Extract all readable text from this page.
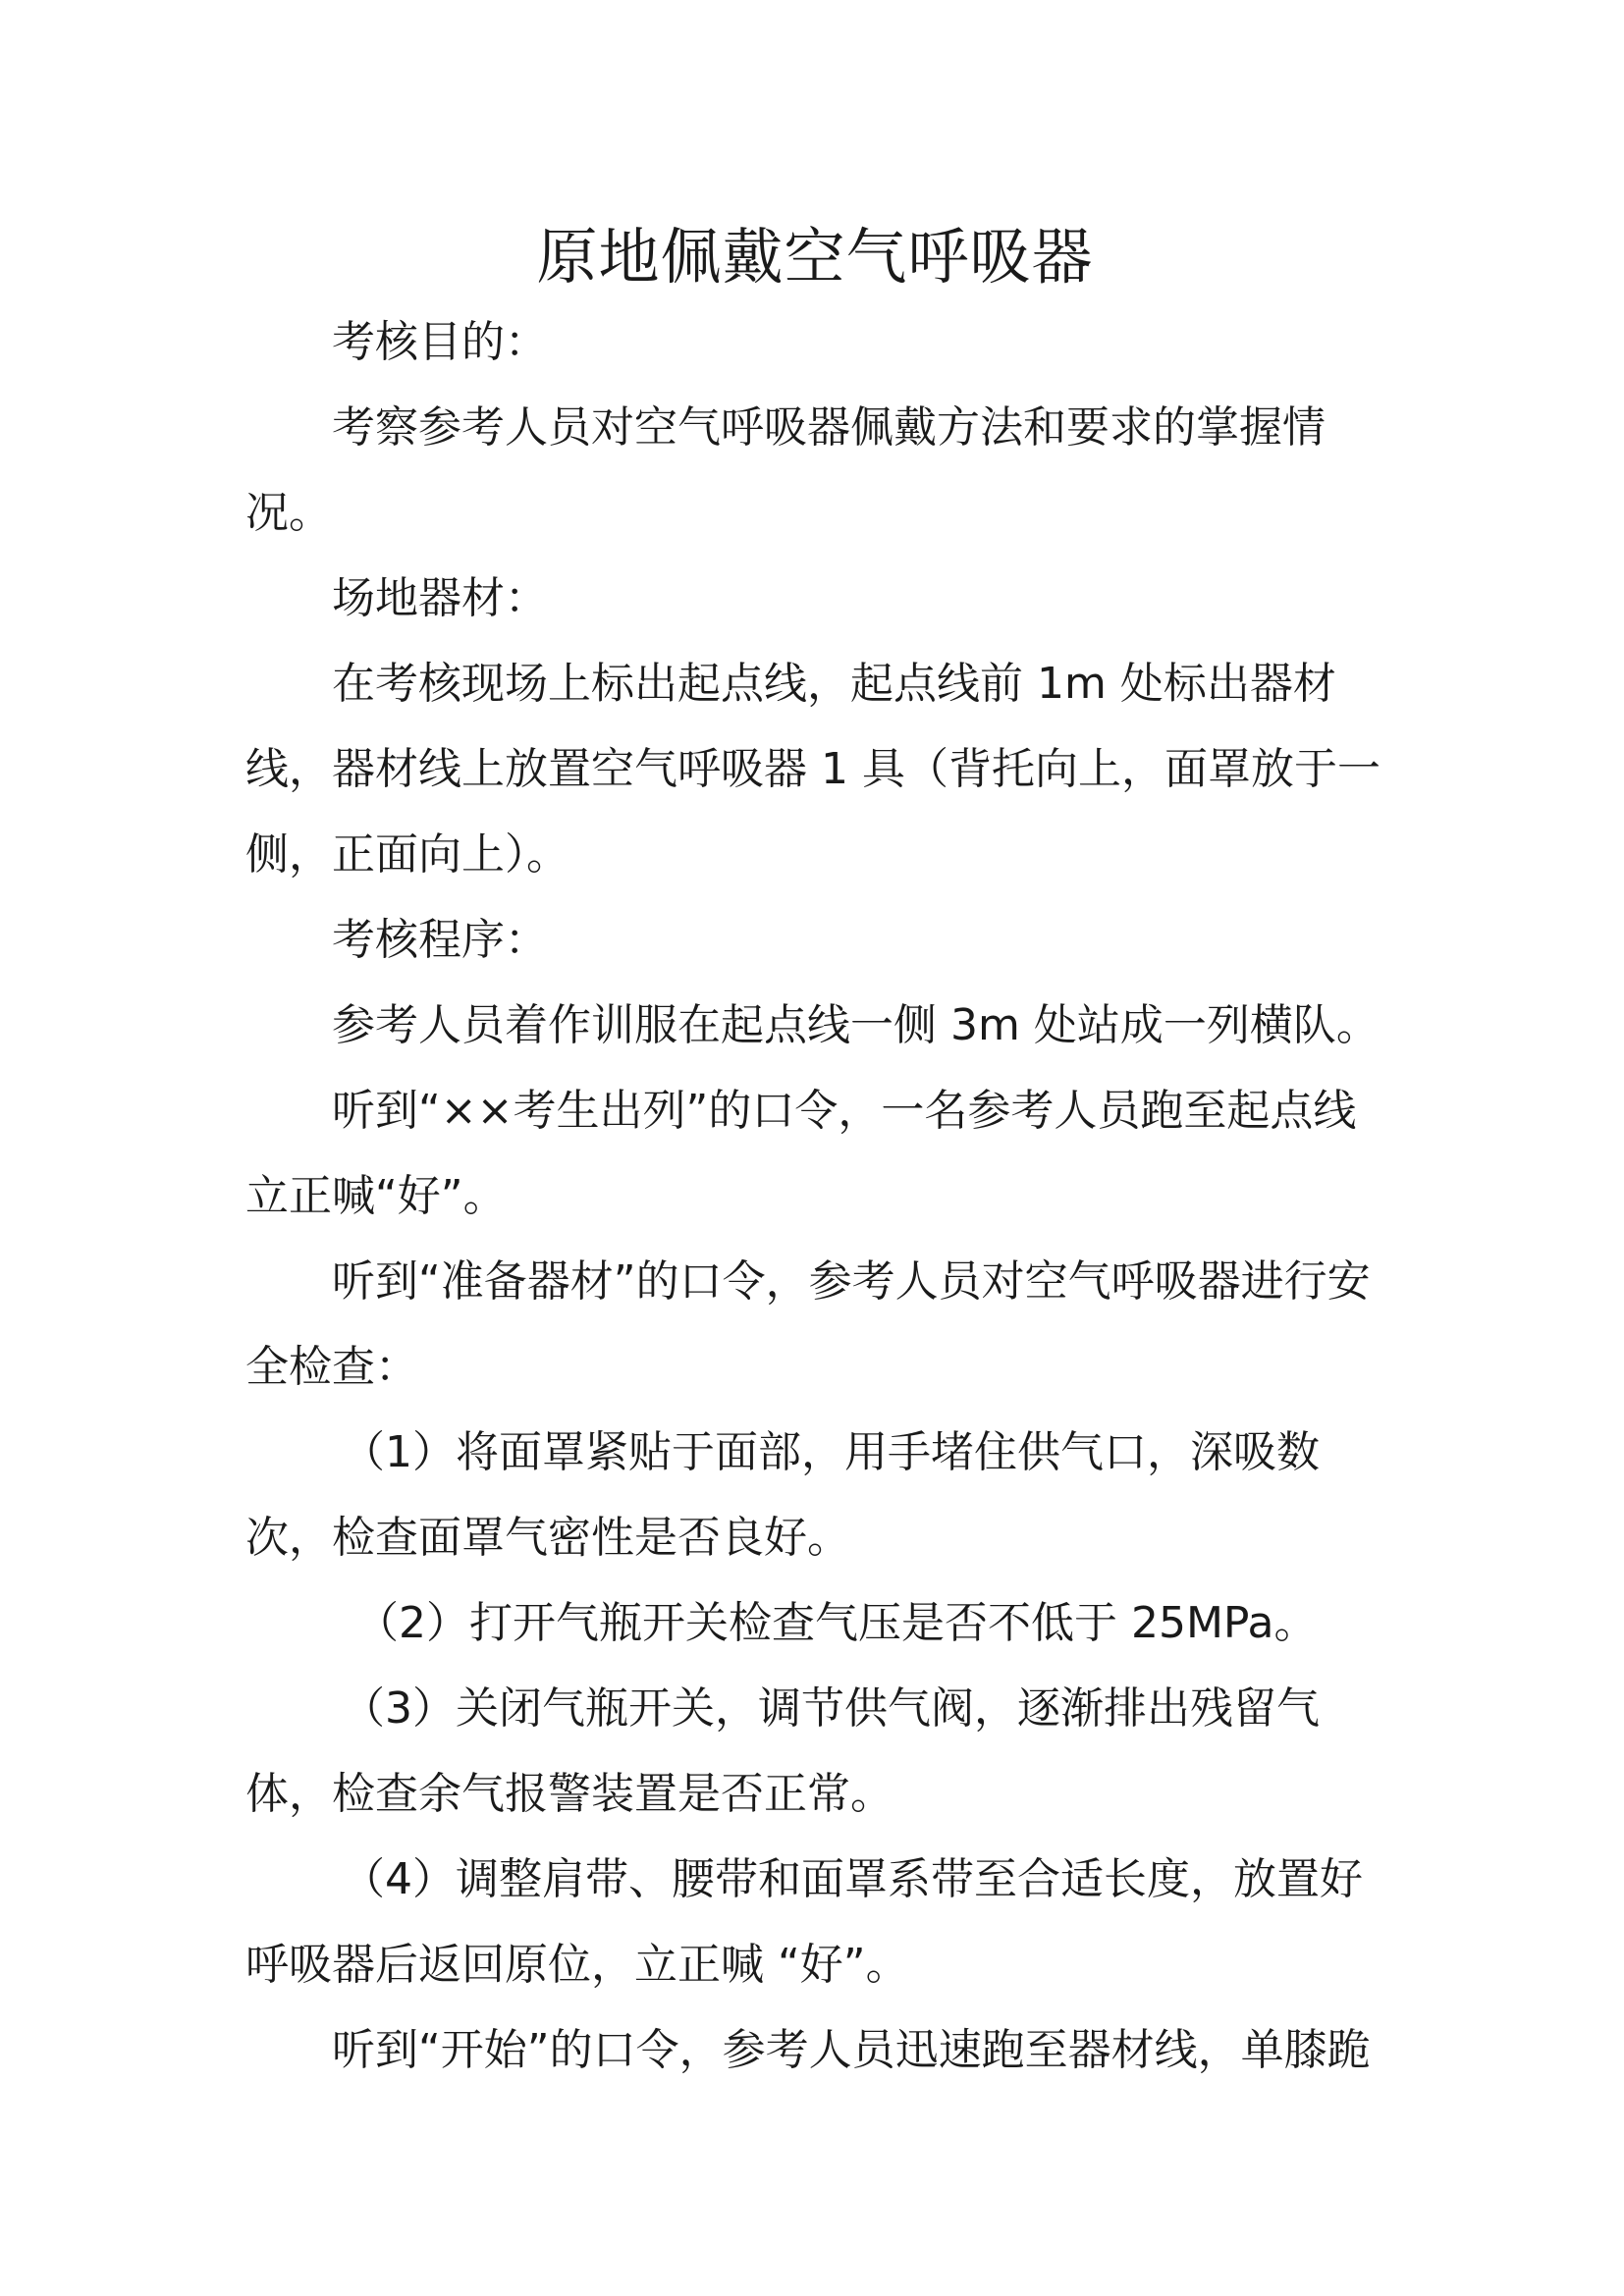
原地佩戴空气呼吸器

考核目的：

考察参考人员对空气呼吸器佩戴方法和要求的掌握情况。

场地器材：

在考核现场上标出起点线，起点线前 1m 处标出器材线，器材线上放置空气呼吸器 1 具（背托向上，面罩放于一侧，正面向上）。

考核程序：

参考人员着作训服在起点线一侧 3m 处站成一列横队。

听到“××考生出列”的口令，一名参考人员跑至起点线立正喊“好”。

听到“准备器材”的口令，参考人员对空气呼吸器进行安全检查：

（1）将面罩紧贴于面部，用手堵住供气口，深吸数次，检查面罩气密性是否良好。

（2）打开气瓶开关检查气压是否不低于 25MPa。

（3）关闭气瓶开关，调节供气阀，逐渐排出残留气体，检查余气报警装置是否正常。

（4）调整肩带、腰带和面罩系带至合适长度，放置好呼吸器后返回原位，立正喊 “好”。

听到“开始”的口令，参考人员迅速跑至器材线，单膝跪
